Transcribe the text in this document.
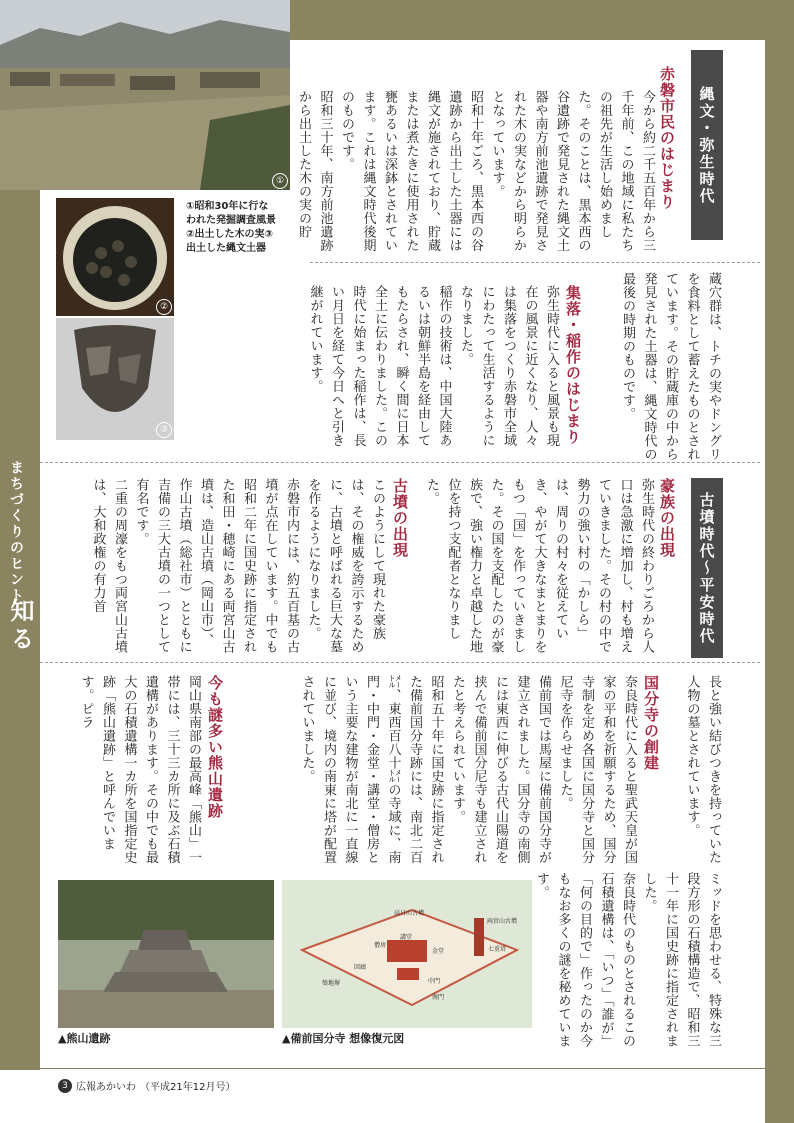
まちづくりのヒント
知る
①
②
③
①昭和30年に行なわれた発掘調査風景②出土した木の実③出土した縄文土器
縄文・弥生時代
赤磐市民のはじまり
今から約二千五百年から三千年前、この地域に私たちの祖先が生活し始めました。そのことは、黒本西の谷遺跡で発見された縄文土器や南方前池遺跡で発見された木の実などから明らかとなっています。
昭和十年ごろ、黒本西の谷遺跡から出土した土器には縄文が施されており、貯蔵または煮たきに使用された甕あるいは深鉢とされています。これは縄文時代後期のものです。
昭和三十年、南方前池遺跡から出土した木の実の貯
蔵穴群は、トチの実やドングリを食料として蓄えたものとされています。その貯蔵庫の中から発見された土器は、縄文時代の最後の時期のものです。
集落・稲作のはじまり
弥生時代に入ると風景も現在の風景に近くなり、人々は集落をつくり赤磐市全域にわたって生活するようになりました。
稲作の技術は、中国大陸あるいは朝鮮半島を経由してもたらされ、瞬く間に日本全土に伝わりました。この時代に始まった稲作は、長い月日を経て今日へと引き継がれています。
古墳時代〜平安時代
豪族の出現
弥生時代の終わりごろから人口は急激に増加し、村も増えていきました。その村の中で勢力の強い村の「かしら」は、周りの村々を従えていき、やがて大きなまとまりをもつ「国」を作っていきました。その国を支配したのが豪族で、強い権力と卓越した地位を持つ支配者となりました。
古墳の出現
このようにして現れた豪族は、その権威を誇示するために、古墳と呼ばれる巨大な墓を作るようになりました。
赤磐市内には、約五百基の古墳が点在しています。中でも昭和二年に国史跡に指定された和田・穂崎にある両宮山古墳は、造山古墳（岡山市）、作山古墳（総社市）とともに吉備の三大古墳の一つとして有名です。
二重の周濠をもつ両宮山古墳は、大和政権の有力首
長と強い結びつきを持っていた人物の墓とされています。
国分寺の創建
奈良時代に入ると聖武天皇が国家の平和を祈願するため、国分寺制を定め各国に国分寺と国分尼寺を作らせました。
備前国では馬屋に備前国分寺が建立されました。国分寺の南側には東西に伸びる古代山陽道を挟んで備前国分尼寺も建立されたと考えられています。
昭和五十年に国史跡に指定された備前国分寺跡には、南北二百㍍、東西百八十㍍の寺域に、南門・中門・金堂・講堂・僧房という主要な建物が南北に一直線に並び、境内の南東に塔が配置されていました。
今も謎多い熊山遺跡
岡山県南部の最高峰「熊山」一帯には、三十三カ所に及ぶ石積遺構があります。その中でも最大の石積遺構一カ所を国指定史跡「熊山遺跡」と呼んでいます。ピラ
ミッドを思わせる、特殊な三段方形の石積構造で、昭和三十一年に国史跡に指定されました。
奈良時代のものとされるこの石積遺構は、「いつ」「誰が」「何の目的で」作ったのか今もなお多くの謎を秘めています。
▲熊山遺跡
高日山古墳
両宮山古墳
七重塔
講堂
金堂
回廊
南門
中門
僧房
築地塀
▲備前国分寺 想像復元図
3 広報あかいわ （平成21年12月号）
